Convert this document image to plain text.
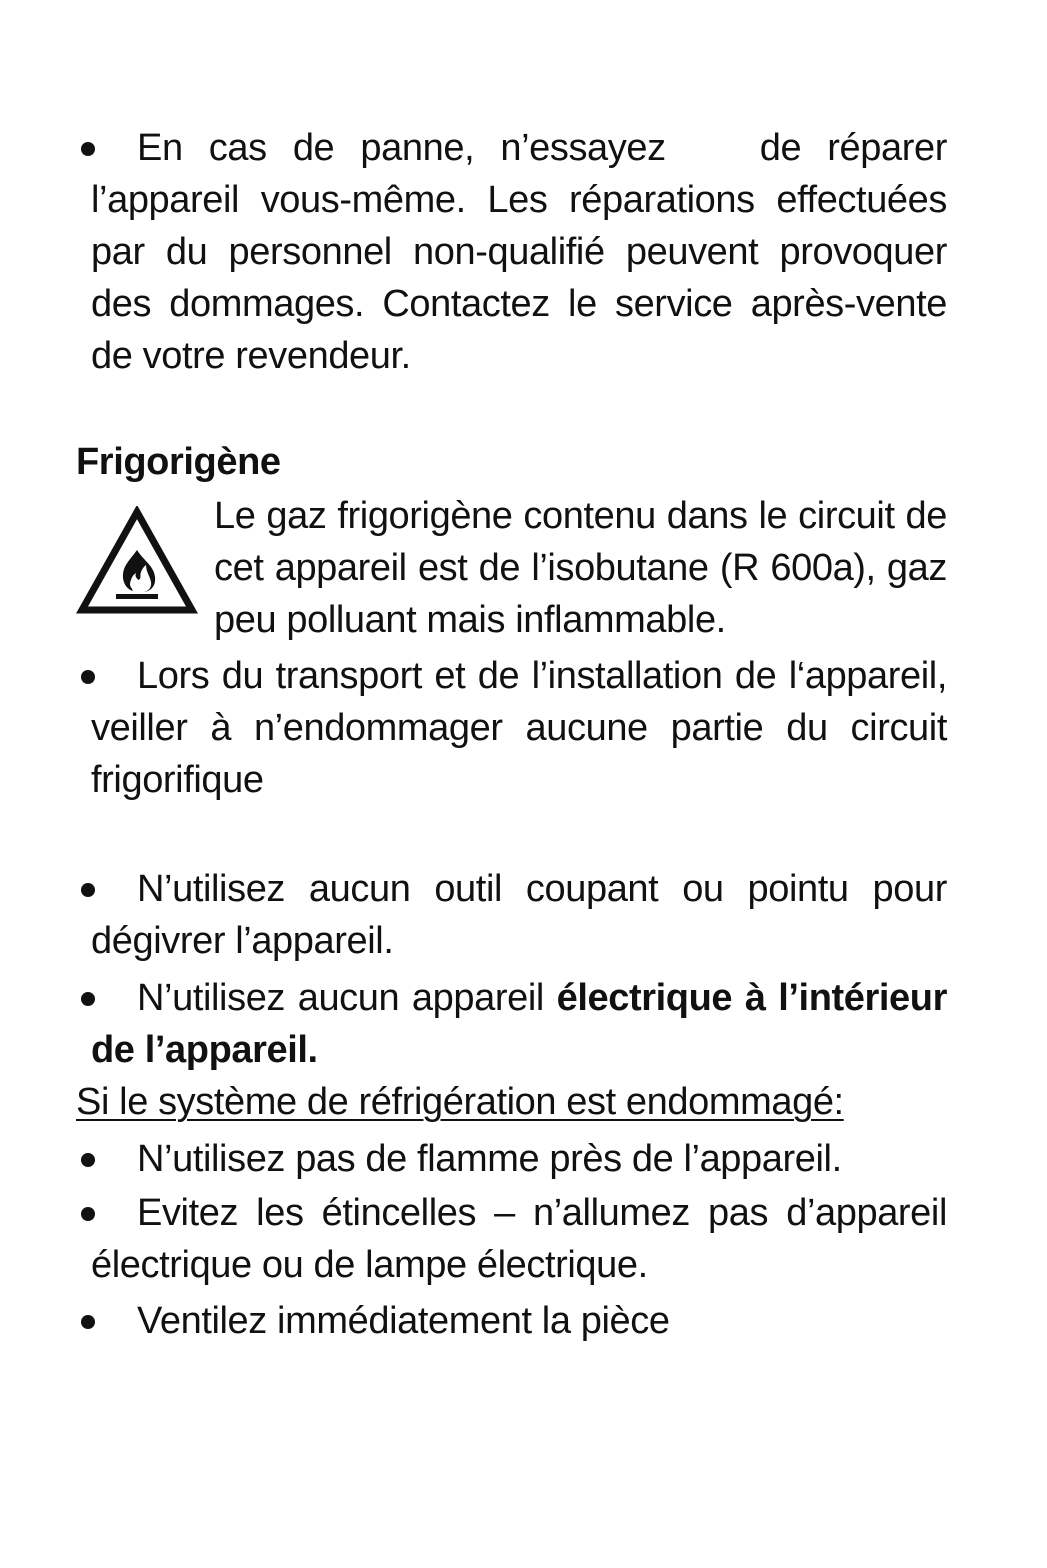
En cas de panne, n’essayez de réparer l’appareil vous-même. Les réparations effectuées par du personnel non-qualifié peuvent provoquer des dommages. Contactez le service après-vente de votre revendeur.

Frigorigène

Le gaz frigorigène contenu dans le circuit de cet appareil est de l’isobutane (R 600a), gaz peu polluant mais inflammable.

Lors du transport et de l’installation de l‘appareil, veiller à n’endommager aucune partie du circuit frigorifique

N’utilisez aucun outil coupant ou pointu pour dégivrer l’appareil.

N’utilisez aucun appareil électrique à l’intérieur de l’appareil.

Si le système de réfrigération est endommagé:

N’utilisez pas de flamme près de l’appareil.

Evitez les étincelles – n’allumez pas d’appareil électrique ou de lampe électrique.

Ventilez immédiatement la pièce
